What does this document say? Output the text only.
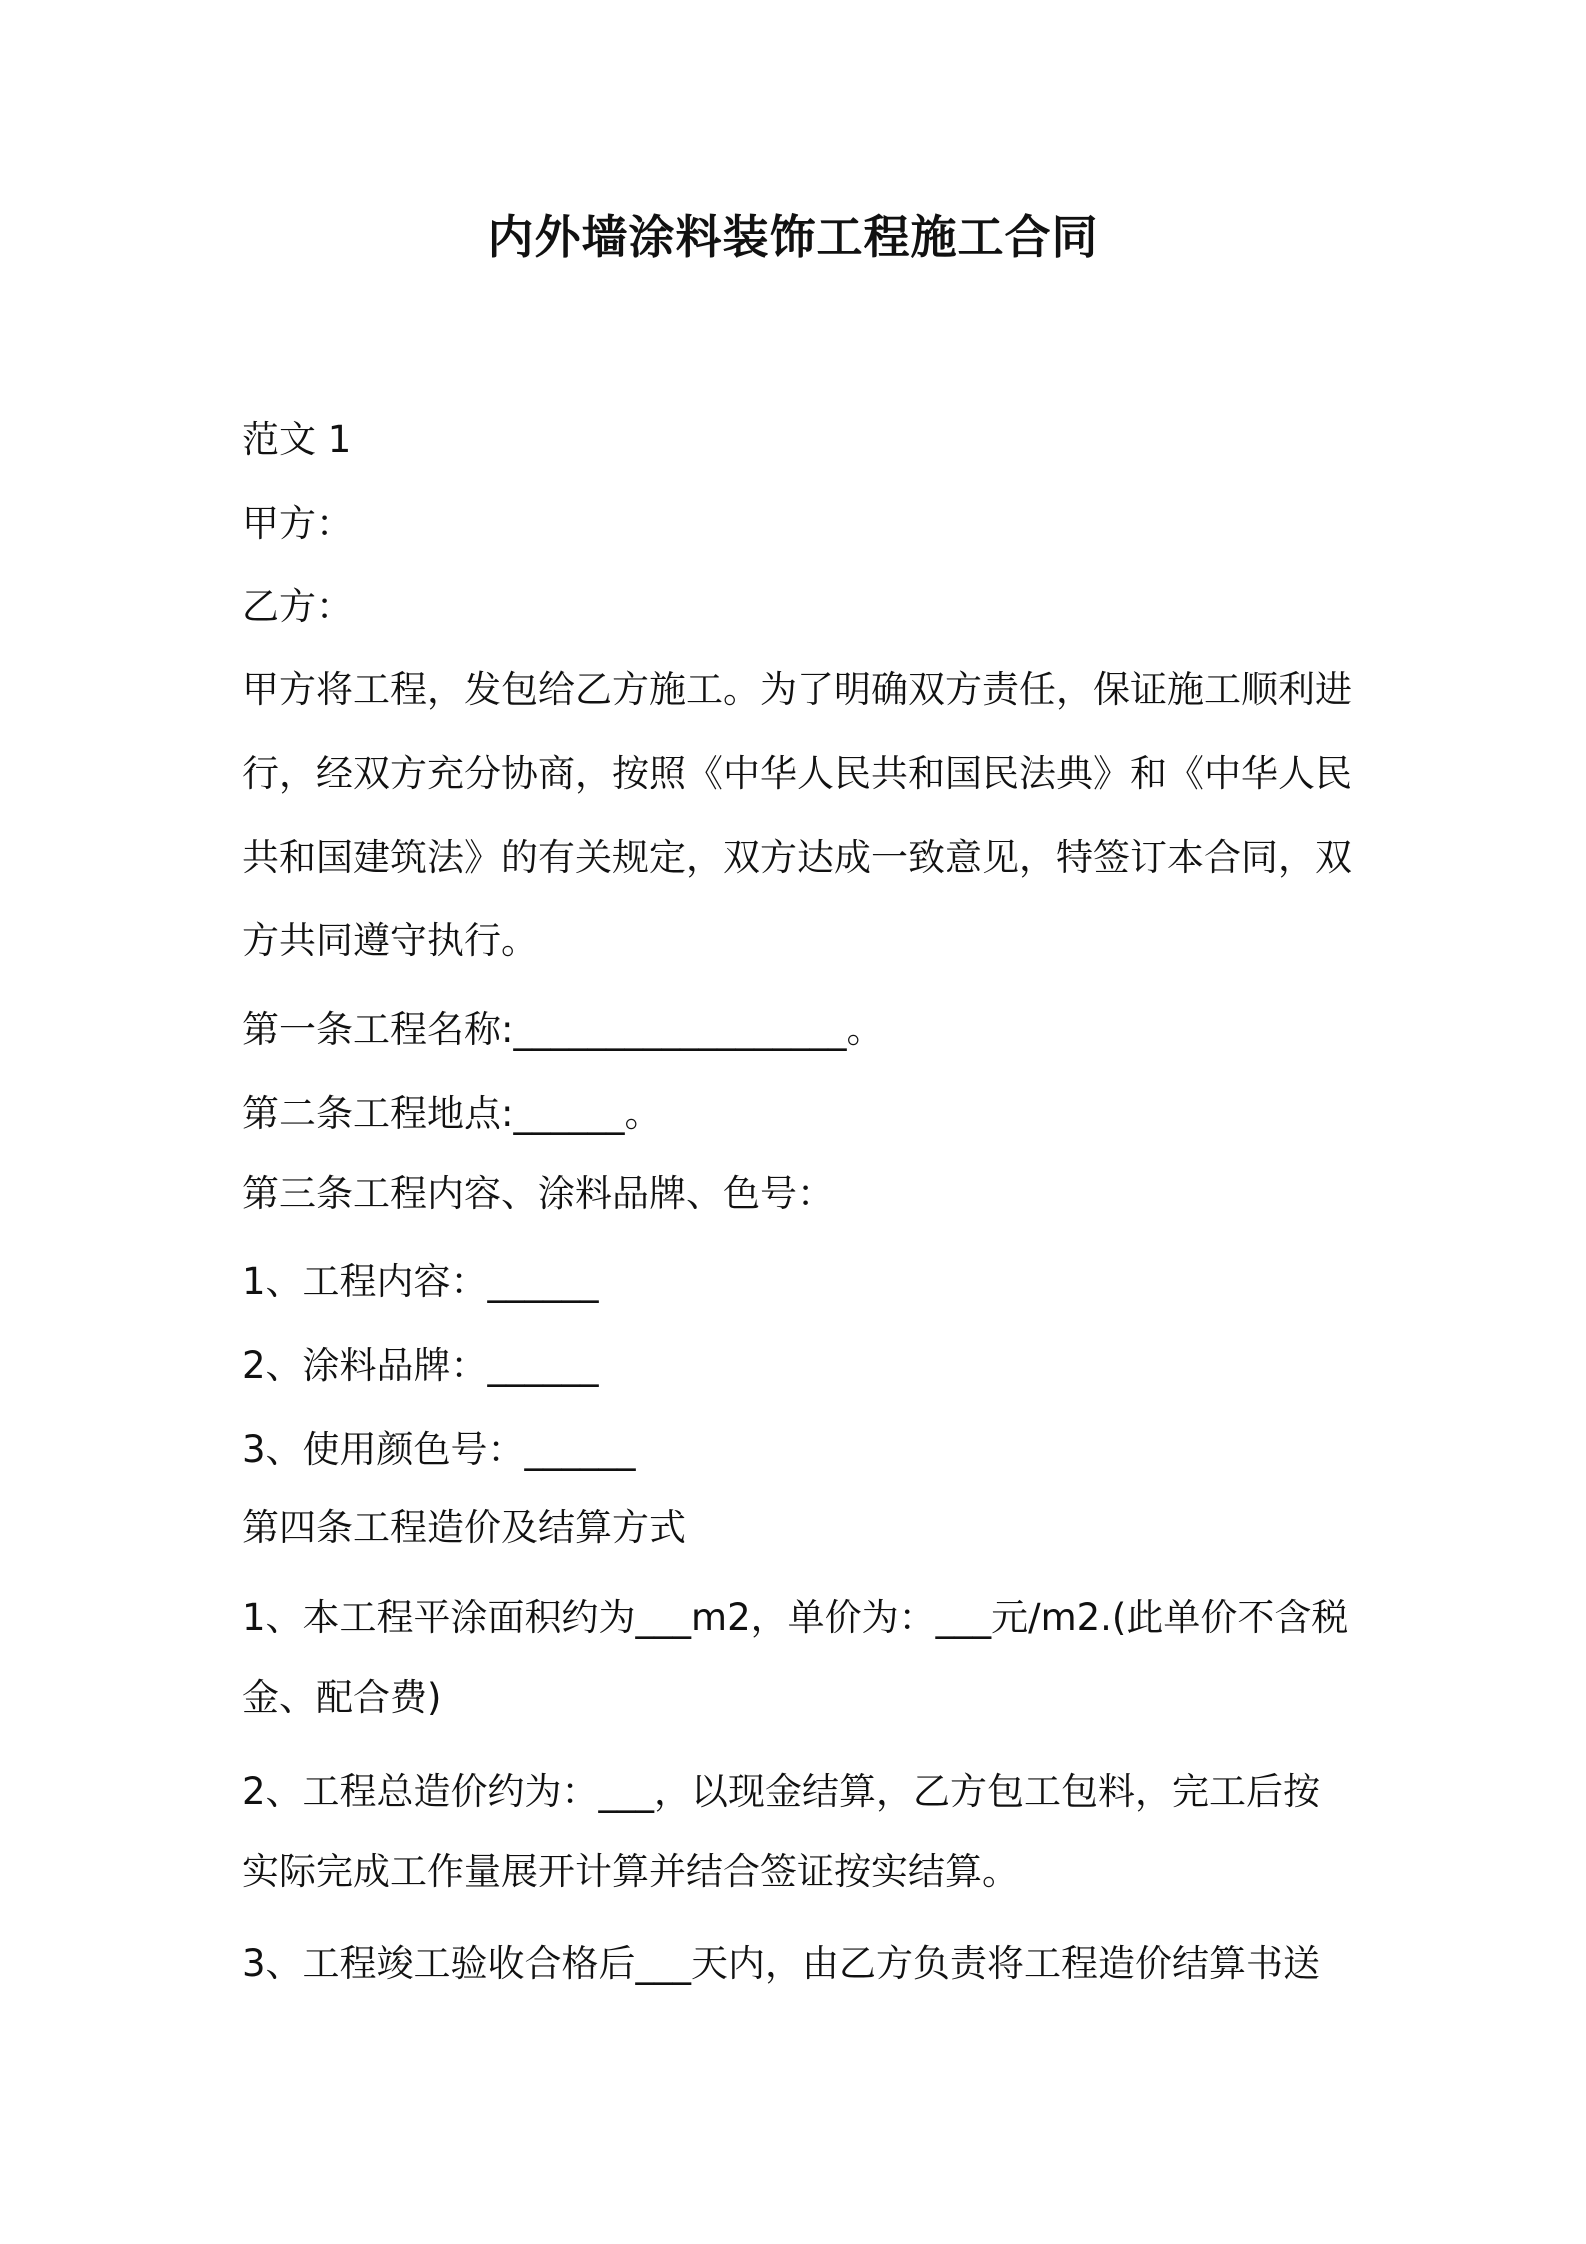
内外墙涂料装饰工程施工合同
范文 1
甲方：
乙方：
甲方将工程，发包给乙方施工。为了明确双方责任，保证施工顺利进
行，经双方充分协商，按照《中华人民共和国民法典》和《中华人民
共和国建筑法》的有关规定，双方达成一致意见，特签订本合同，双
方共同遵守执行。
第一条工程名称:__________________。
第二条工程地点:______。
第三条工程内容、涂料品牌、色号：
1、工程内容：______
2、涂料品牌：______
3、使用颜色号：______
第四条工程造价及结算方式
1、本工程平涂面积约为___m2，单价为：___元/m2.(此单价不含税
金、配合费)
2、工程总造价约为：___，以现金结算，乙方包工包料，完工后按
实际完成工作量展开计算并结合签证按实结算。
3、工程竣工验收合格后___天内，由乙方负责将工程造价结算书送
